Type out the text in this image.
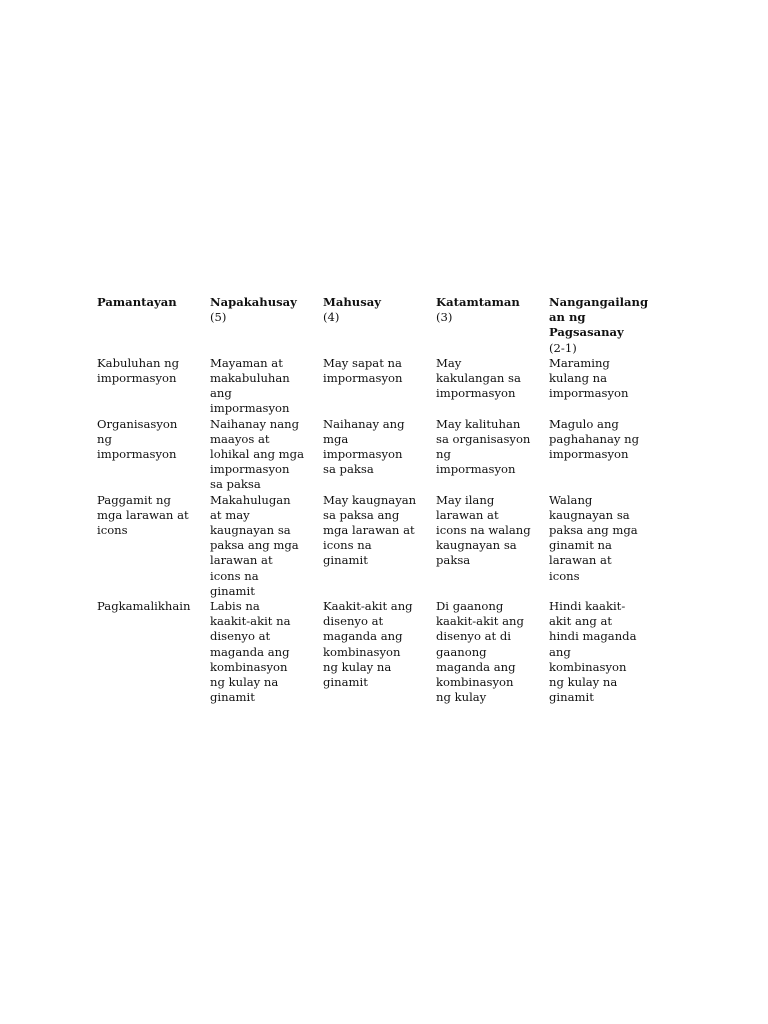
Pamantayan	Napakahusay
(5)
Mahusay
(4)
Katamtaman
(3)
Nangangailang
an ng
Pagsasanay
(2-1)
Kabuluhan ng
impormasyon
Mayaman at
makabuluhan
ang
impormasyon
May sapat na
impormasyon
May
kakulangan sa
impormasyon
Maraming
kulang na
impormasyon
Organisasyon
ng
impormasyon
Naihanay nang
maayos at
lohikal ang mga
impormasyon
sa paksa
Naihanay ang
mga
impormasyon
sa paksa
May kalituhan
sa organisasyon
ng
impormasyon
Magulo ang
paghahanay ng
impormasyon
Paggamit ng
mga larawan at
icons
Makahulugan
at may
kaugnayan sa
paksa ang mga
larawan at
icons na
ginamit
May kaugnayan
sa paksa ang
mga larawan at
icons na
ginamit
May ilang
larawan at
icons na walang
kaugnayan sa
paksa
Walang
kaugnayan sa
paksa ang mga
ginamit na
larawan at
icons
Pagkamalikhain	Labis na
kaakit-akit na
disenyo at
maganda ang
kombinasyon
ng kulay na
ginamit
Kaakit-akit ang
disenyo at
maganda ang
kombinasyon
ng kulay na
ginamit
Di gaanong
kaakit-akit ang
disenyo at di
gaanong
maganda ang
kombinasyon
ng kulay
Hindi kaakit-
akit ang at
hindi maganda
ang
kombinasyon
ng kulay na
ginamit
